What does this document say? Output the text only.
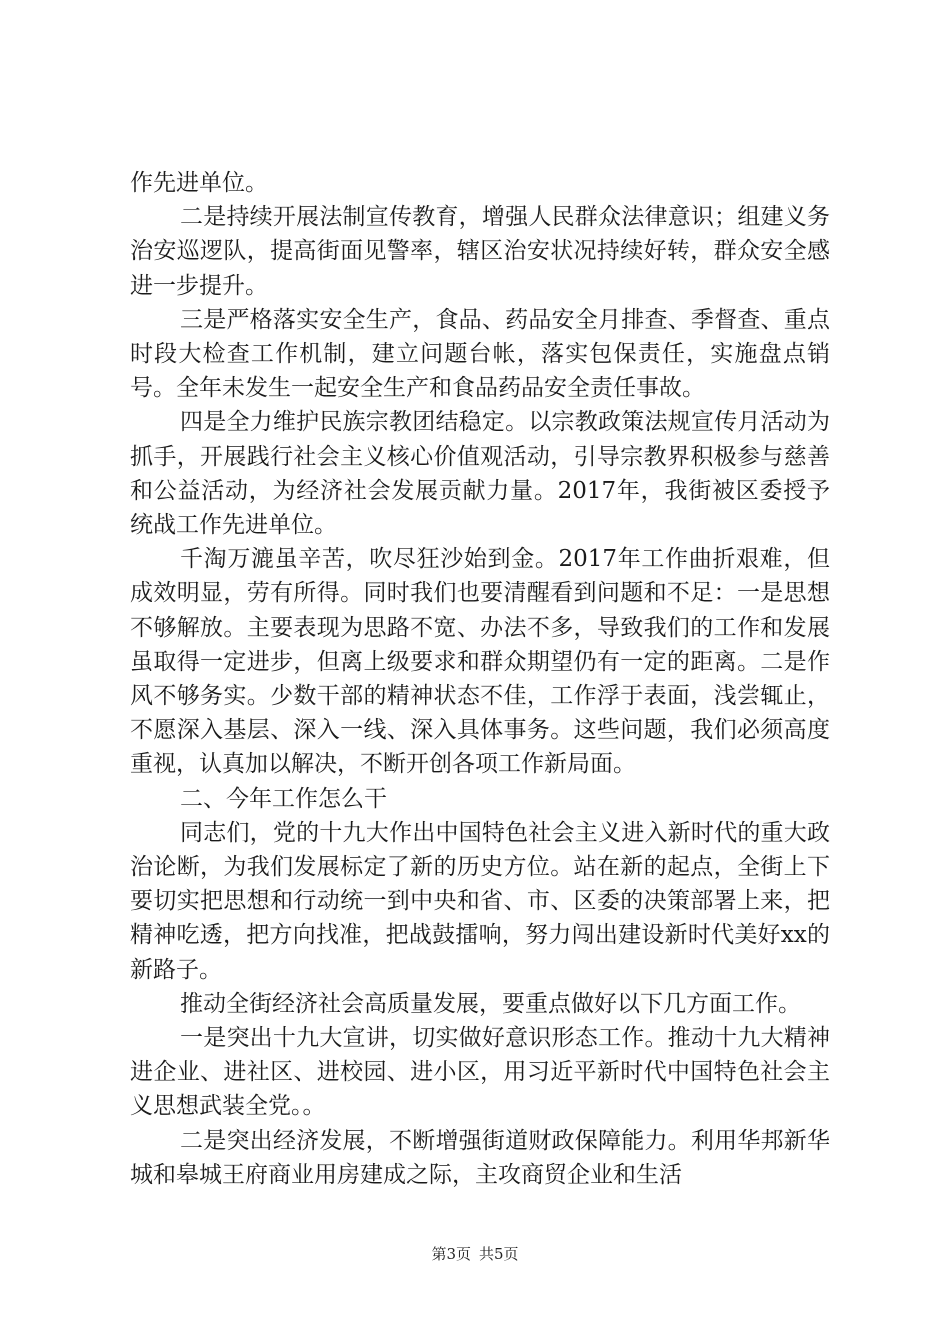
作先进单位。

二是持续开展法制宣传教育，增强人民群众法律意识；组建义务治安巡逻队，提高街面见警率，辖区治安状况持续好转，群众安全感进一步提升。

三是严格落实安全生产，食品、药品安全月排查、季督查、重点时段大检查工作机制，建立问题台帐，落实包保责任，实施盘点销号。全年未发生一起安全生产和食品药品安全责任事故。

四是全力维护民族宗教团结稳定。以宗教政策法规宣传月活动为抓手，开展践行社会主义核心价值观活动，引导宗教界积极参与慈善和公益活动，为经济社会发展贡献力量。2017年，我街被区委授予统战工作先进单位。

千淘万漉虽辛苦，吹尽狂沙始到金。2017年工作曲折艰难，但成效明显，劳有所得。同时我们也要清醒看到问题和不足：一是思想不够解放。主要表现为思路不宽、办法不多，导致我们的工作和发展虽取得一定进步，但离上级要求和群众期望仍有一定的距离。二是作风不够务实。少数干部的精神状态不佳，工作浮于表面，浅尝辄止，不愿深入基层、深入一线、深入具体事务。这些问题，我们必须高度重视，认真加以解决，不断开创各项工作新局面。

二、今年工作怎么干

同志们，党的十九大作出中国特色社会主义进入新时代的重大政治论断，为我们发展标定了新的历史方位。站在新的起点，全街上下要切实把思想和行动统一到中央和省、市、区委的决策部署上来，把精神吃透，把方向找准，把战鼓擂响，努力闯出建设新时代美好xx的新路子。

推动全街经济社会高质量发展，要重点做好以下几方面工作。

一是突出十九大宣讲，切实做好意识形态工作。推动十九大精神进企业、进社区、进校园、进小区，用习近平新时代中国特色社会主义思想武装全党。。

二是突出经济发展，不断增强街道财政保障能力。利用华邦新华城和皋城王府商业用房建成之际，主攻商贸企业和生活

第3页 共5页
